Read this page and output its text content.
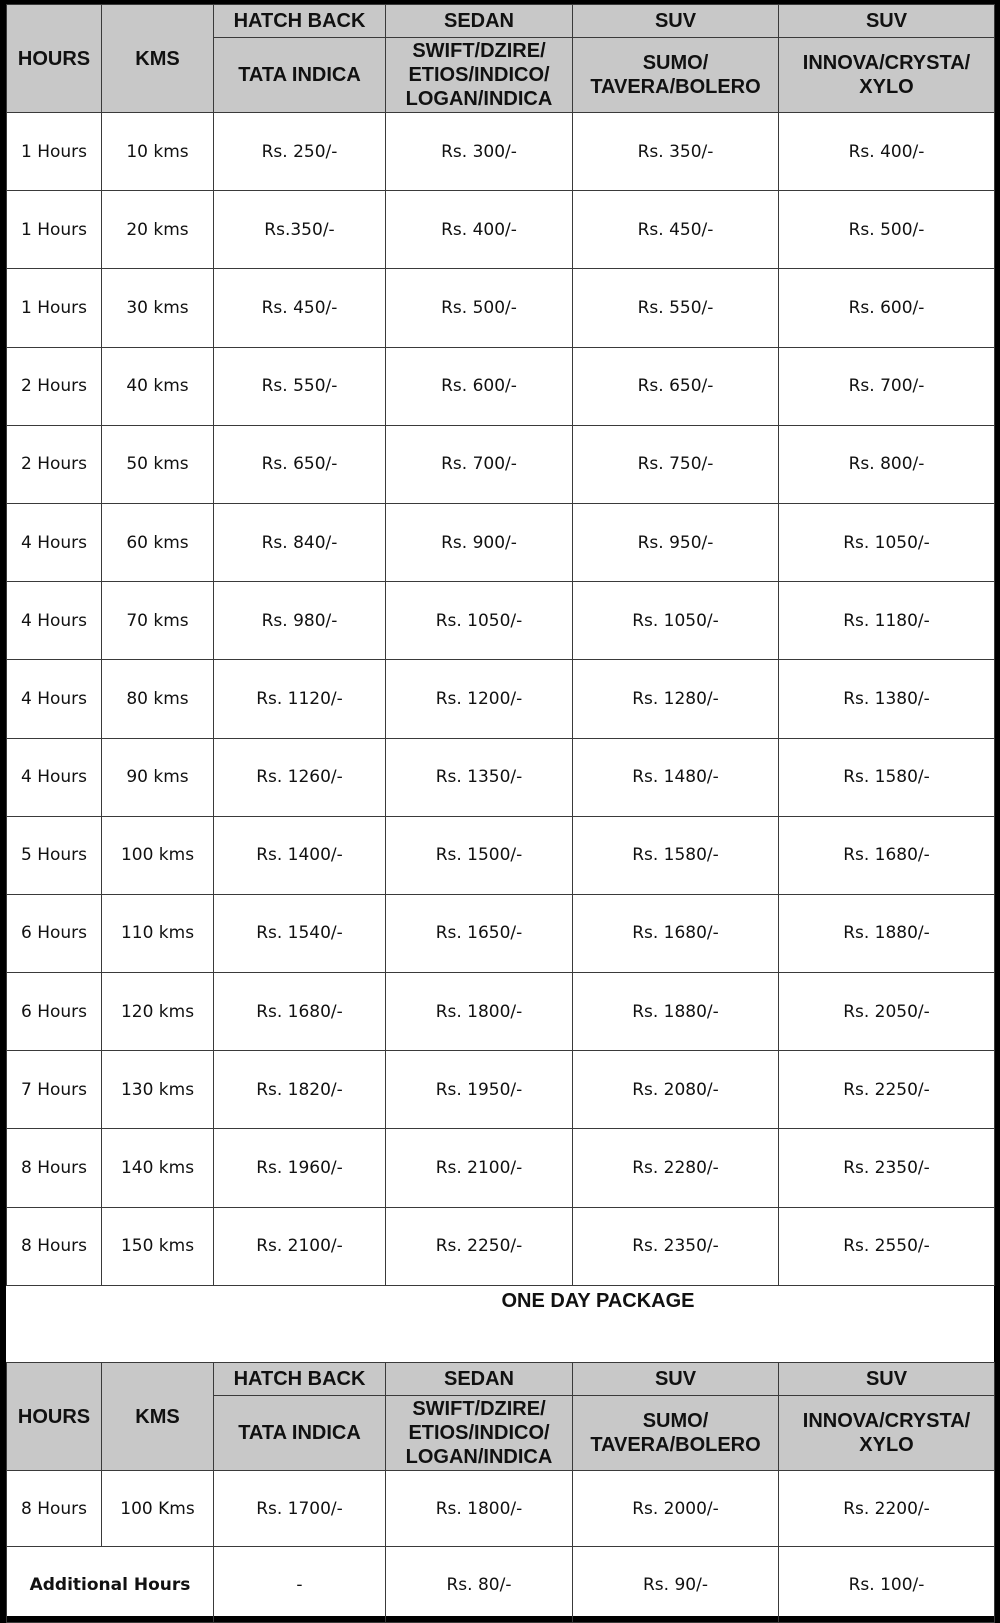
HOURS	KMS	HATCH BACK	SEDAN	SUV	SUV
		TATA INDICA	SWIFT/DZIRE/ ETIOS/INDICO/ LOGAN/INDICA	SUMO/ TAVERA/BOLERO	INNOVA/CRYSTA/ XYLO
1 Hours	10 kms	Rs. 250/-	Rs. 300/-	Rs. 350/-	Rs. 400/-
1 Hours	20 kms	Rs.350/-	Rs. 400/-	Rs. 450/-	Rs. 500/-
1 Hours	30 kms	Rs. 450/-	Rs. 500/-	Rs. 550/-	Rs. 600/-
2 Hours	40 kms	Rs. 550/-	Rs. 600/-	Rs. 650/-	Rs. 700/-
2 Hours	50 kms	Rs. 650/-	Rs. 700/-	Rs. 750/-	Rs. 800/-
4 Hours	60 kms	Rs. 840/-	Rs. 900/-	Rs. 950/-	Rs. 1050/-
4 Hours	70 kms	Rs. 980/-	Rs. 1050/-	Rs. 1050/-	Rs. 1180/-
4 Hours	80 kms	Rs. 1120/-	Rs. 1200/-	Rs. 1280/-	Rs. 1380/-
4 Hours	90 kms	Rs. 1260/-	Rs. 1350/-	Rs. 1480/-	Rs. 1580/-
5 Hours	100 kms	Rs. 1400/-	Rs. 1500/-	Rs. 1580/-	Rs. 1680/-
6 Hours	110 kms	Rs. 1540/-	Rs. 1650/-	Rs. 1680/-	Rs. 1880/-
6 Hours	120 kms	Rs. 1680/-	Rs. 1800/-	Rs. 1880/-	Rs. 2050/-
7 Hours	130 kms	Rs. 1820/-	Rs. 1950/-	Rs. 2080/-	Rs. 2250/-
8 Hours	140 kms	Rs. 1960/-	Rs. 2100/-	Rs. 2280/-	Rs. 2350/-
8 Hours	150 kms	Rs. 2100/-	Rs. 2250/-	Rs. 2350/-	Rs. 2550/-
ONE DAY PACKAGE
HOURS	KMS	HATCH BACK	SEDAN	SUV	SUV
		TATA INDICA	SWIFT/DZIRE/ ETIOS/INDICO/ LOGAN/INDICA	SUMO/ TAVERA/BOLERO	INNOVA/CRYSTA/ XYLO
8 Hours	100 Kms	Rs. 1700/-	Rs. 1800/-	Rs. 2000/-	Rs. 2200/-
Additional Hours		-	Rs. 80/-	Rs. 90/-	Rs. 100/-
